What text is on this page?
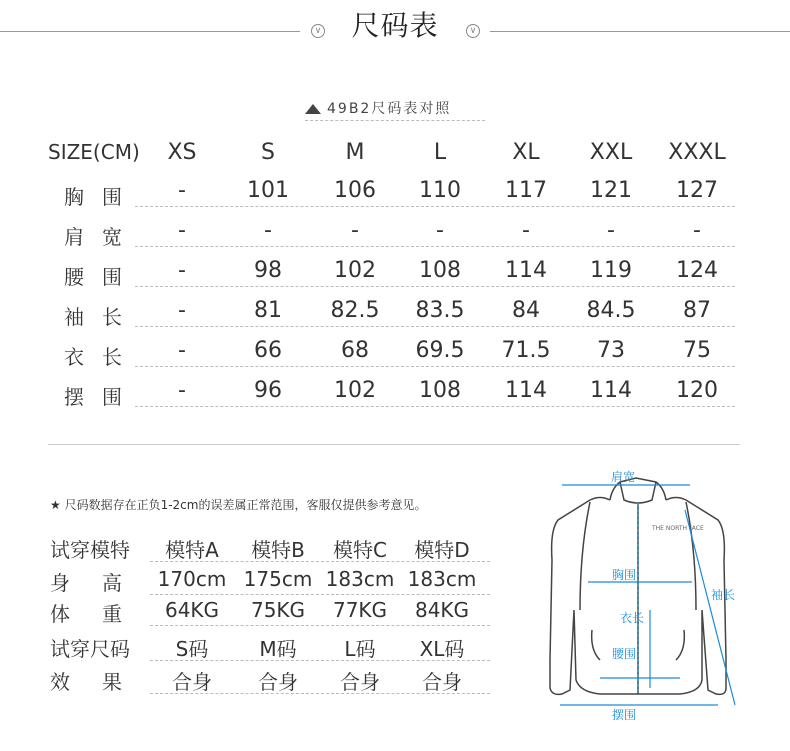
∨ 尺码表	∨
49B2尺码表对照
SIZE(CM)	XS	S	M	L	XL	XXL	XXXL
胸围	-	101	106	110	117	121	127
肩宽	-	-	-	-	-	-	-
腰围	-	98	102	108	114	119	124
袖长	-	81	82.5	83.5	84	84.5	87
衣长	-	66	68	69.5	71.5	73	75
摆围	-	96	102	108	114	114	120
★ 尺码数据存在正负1-2cm的误差属正常范围，客服仅提供参考意见。
试穿模特	模特A	模特B	模特C	模特D
身　高	170cm 175cm 183cm 183cm
体　重	64KG	75KG	77KG	84KG
试穿尺码	S码	M码	L码	XL码
效　果	合身	合身	合身	合身
THE NORTH FACE
肩宽
胸围
衣长
腰围
摆围
袖长
